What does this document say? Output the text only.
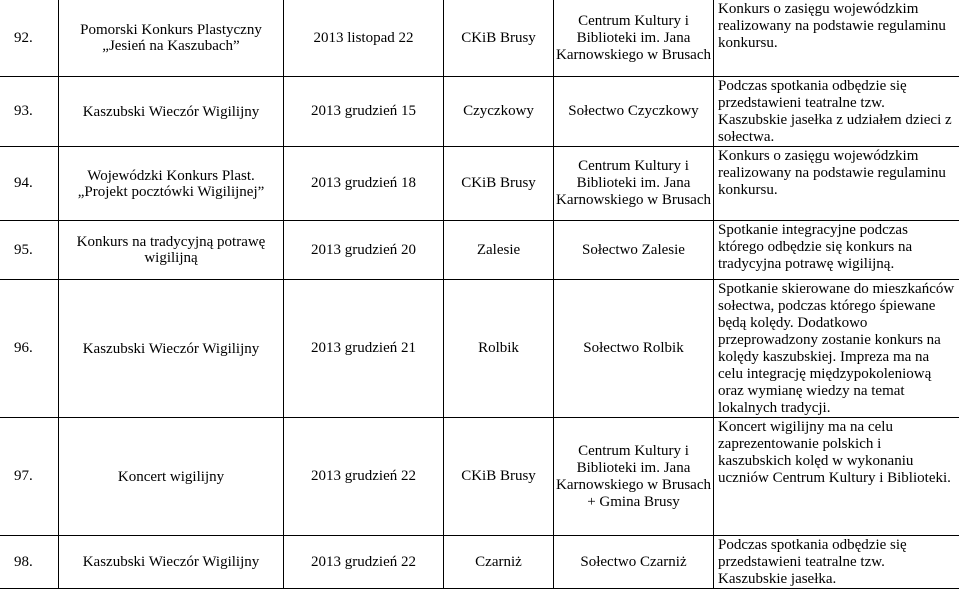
92.	Pomorski Konkurs Plastyczny „Jesień na Kaszubach”	2013 listopad 22	CKiB Brusy	Centrum Kultury i Biblioteki im. Jana Karnowskiego w Brusach	Konkurs o zasięgu wojewódzkim realizowany na podstawie regulaminu konkursu.

93.	Kaszubski Wieczór Wigilijny	2013 grudzień 15	Czyczkowy	Sołectwo Czyczkowy	Podczas spotkania odbędzie się przedstawieni teatralne tzw. Kaszubskie jasełka z udziałem dzieci z sołectwa.

94.	Wojewódzki Konkurs Plast. „Projekt pocztówki Wigilijnej”	2013 grudzień 18	CKiB Brusy	Centrum Kultury i Biblioteki im. Jana Karnowskiego w Brusach	Konkurs o zasięgu wojewódzkim realizowany na podstawie regulaminu konkursu.

95.	Konkurs na tradycyjną potrawę wigilijną	2013 grudzień 20	Zalesie	Sołectwo Zalesie	Spotkanie integracyjne podczas którego odbędzie się konkurs na tradycyjna potrawę wigilijną.

96.	Kaszubski Wieczór Wigilijny	2013 grudzień 21	Rolbik	Sołectwo Rolbik	Spotkanie skierowane do mieszkańców sołectwa, podczas którego śpiewane będą kolędy. Dodatkowo przeprowadzony zostanie konkurs na kolędy kaszubskiej. Impreza ma na celu integrację międzypokoleniową oraz wymianę wiedzy na temat lokalnych tradycji.

97.	Koncert wigilijny	2013 grudzień 22	CKiB Brusy	Centrum Kultury i Biblioteki im. Jana Karnowskiego w Brusach + Gmina Brusy	Koncert wigilijny ma na celu zaprezentowanie polskich i kaszubskich kolęd w wykonaniu uczniów Centrum Kultury i Biblioteki.

98.	Kaszubski Wieczór Wigilijny	2013 grudzień 22	Czarniż	Sołectwo Czarniż	Podczas spotkania odbędzie się przedstawieni teatralne tzw. Kaszubskie jasełka.
